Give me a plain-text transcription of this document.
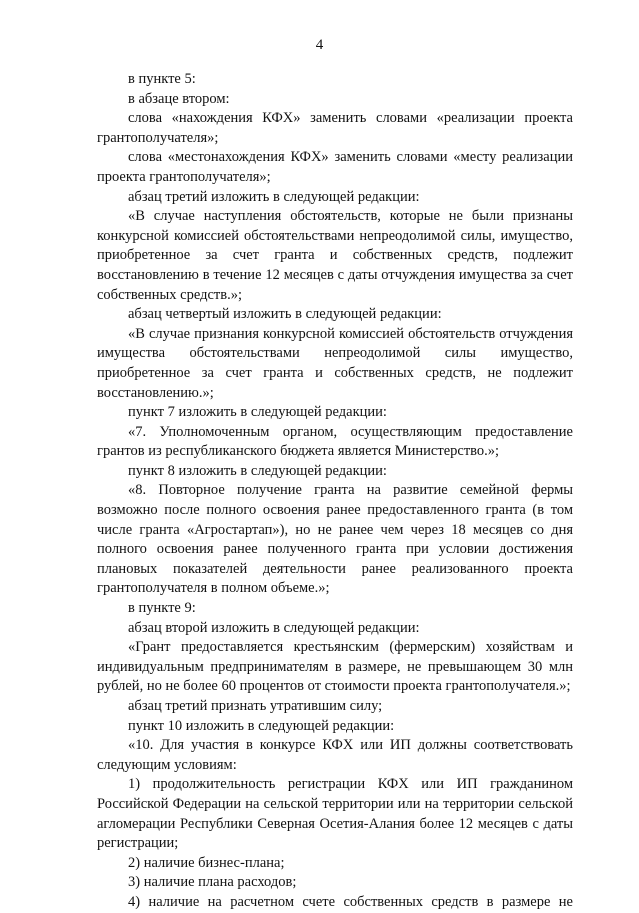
4

в пункте 5:

в абзаце втором:

слова «нахождения КФХ» заменить словами «реализации проекта грантополучателя»;

слова «местонахождения КФХ» заменить словами «месту реализации проекта грантополучателя»;

абзац третий изложить в следующей редакции:

«В случае наступления обстоятельств, которые не были признаны конкурсной комиссией обстоятельствами непреодолимой силы, имущество, приобретенное за счет гранта и собственных средств, подлежит восстановлению в течение 12 месяцев с даты отчуждения имущества за счет собственных средств.»;

абзац четвертый изложить в следующей редакции:

«В случае признания конкурсной комиссией обстоятельств отчуждения имущества обстоятельствами непреодолимой силы имущество, приобретенное за счет гранта и собственных средств, не подлежит восстановлению.»;

пункт 7 изложить в следующей редакции:

«7. Уполномоченным органом, осуществляющим предоставление грантов из республиканского бюджета является Министерство.»;

пункт 8 изложить в следующей редакции:

«8. Повторное получение гранта на развитие семейной фермы возможно после полного освоения ранее предоставленного гранта (в том числе гранта «Агростартап»), но не ранее чем через 18 месяцев со дня полного освоения ранее полученного гранта при условии достижения плановых показателей деятельности ранее реализованного проекта грантополучателя в полном объеме.»;

в пункте 9:

абзац второй изложить в следующей редакции:

«Грант предоставляется крестьянским (фермерским) хозяйствам и индивидуальным предпринимателям в размере, не превышающем 30 млн рублей, но не более 60 процентов от стоимости проекта грантополучателя.»;

абзац третий признать утратившим силу;

пункт 10 изложить в следующей редакции:

«10. Для участия в конкурсе КФХ или ИП должны соответствовать следующим условиям:

1) продолжительность регистрации КФХ или ИП гражданином Российской Федерации на сельской территории или на территории сельской агломерации Республики Северная Осетия-Алания более 12 месяцев с даты регистрации;

2) наличие бизнес-плана;

3) наличие плана расходов;

4) наличие на расчетном счете собственных средств в размере не
